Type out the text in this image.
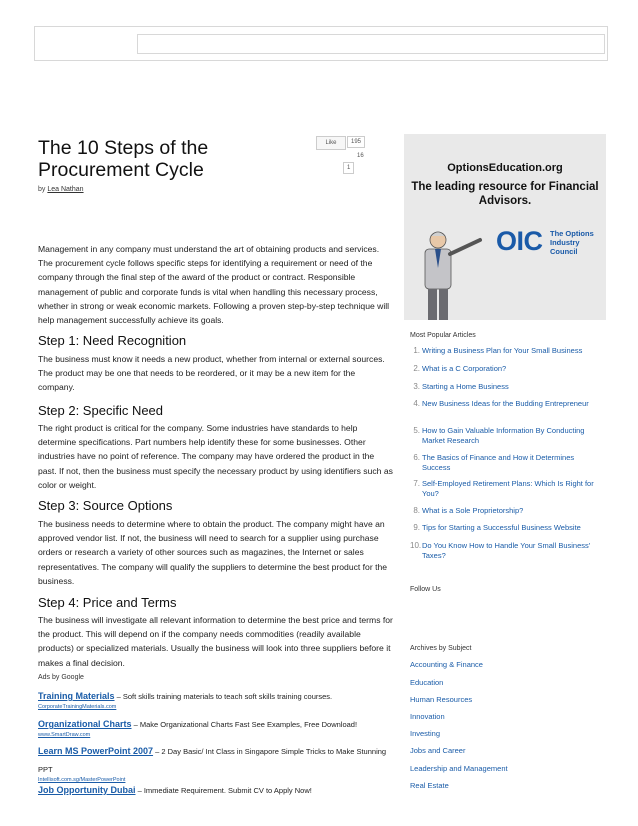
The 10 Steps of the Procurement Cycle
by Lea Nathan
Like	195
16
1	OptionsEducation.org
The leading resource for Financial Advisors.
OIC The Options Industry Council

Management in any company must understand the art of obtaining products and services. The procurement cycle follows specific steps for identifying a requirement or need of the company through the final step of the award of the product or contract. Responsible management of public and corporate funds is vital when handling this necessary process, whether in strong or weak economic markets. Following a proven step-by-step technique will help management successfully achieve its goals.

Step 1: Need Recognition

The business must know it needs a new product, whether from internal or external sources. The product may be one that needs to be reordered, or it may be a new item for the company.

Step 2: Specific Need

The right product is critical for the company. Some industries have standards to help determine specifications. Part numbers help identify these for some businesses. Other industries have no point of reference. The company may have ordered the product in the past. If not, then the business must specify the necessary product by using identifiers such as color or weight.

Step 3: Source Options

The business needs to determine where to obtain the product. The company might have an approved vendor list. If not, the business will need to search for a supplier using purchase orders or research a variety of other sources such as magazines, the Internet or sales representatives. The company will qualify the suppliers to determine the best product for the business.

Step 4: Price and Terms

The business will investigate all relevant information to determine the best price and terms for the product. This will depend on if the company needs commodities (readily available products) or specialized materials. Usually the business will look into three suppliers before it makes a final decision.

Ads by Google
Training Materials – Soft skills training materials to teach soft skills training courses.
CorporateTrainingMaterials.com
Organizational Charts – Make Organizational Charts Fast See Examples, Free Download!
www.SmartDraw.com
Learn MS PowerPoint 2007 – 2 Day Basic/ Int Class in Singapore Simple Tricks to Make Stunning PPT
Intellisoft.com.sg/MasterPowerPoint
Job Opportunity Dubai – Immediate Requirement. Submit CV to Apply Now!
Most Popular Articles
1. Writing a Business Plan for Your Small Business
2. What is a C Corporation?
3. Starting a Home Business
4. New Business Ideas for the Budding Entrepreneur
5. How to Gain Valuable Information By Conducting Market Research
6. The Basics of Finance and How it Determines Success
7. Self-Employed Retirement Plans: Which Is Right for You?
8. What is a Sole Proprietorship?
9. Tips for Starting a Successful Business Website
10. Do You Know How to Handle Your Small Business' Taxes?
Follow Us
Archives by Subject
Accounting & Finance
Education
Human Resources
Innovation
Investing
Jobs and Career
Leadership and Management
Real Estate
